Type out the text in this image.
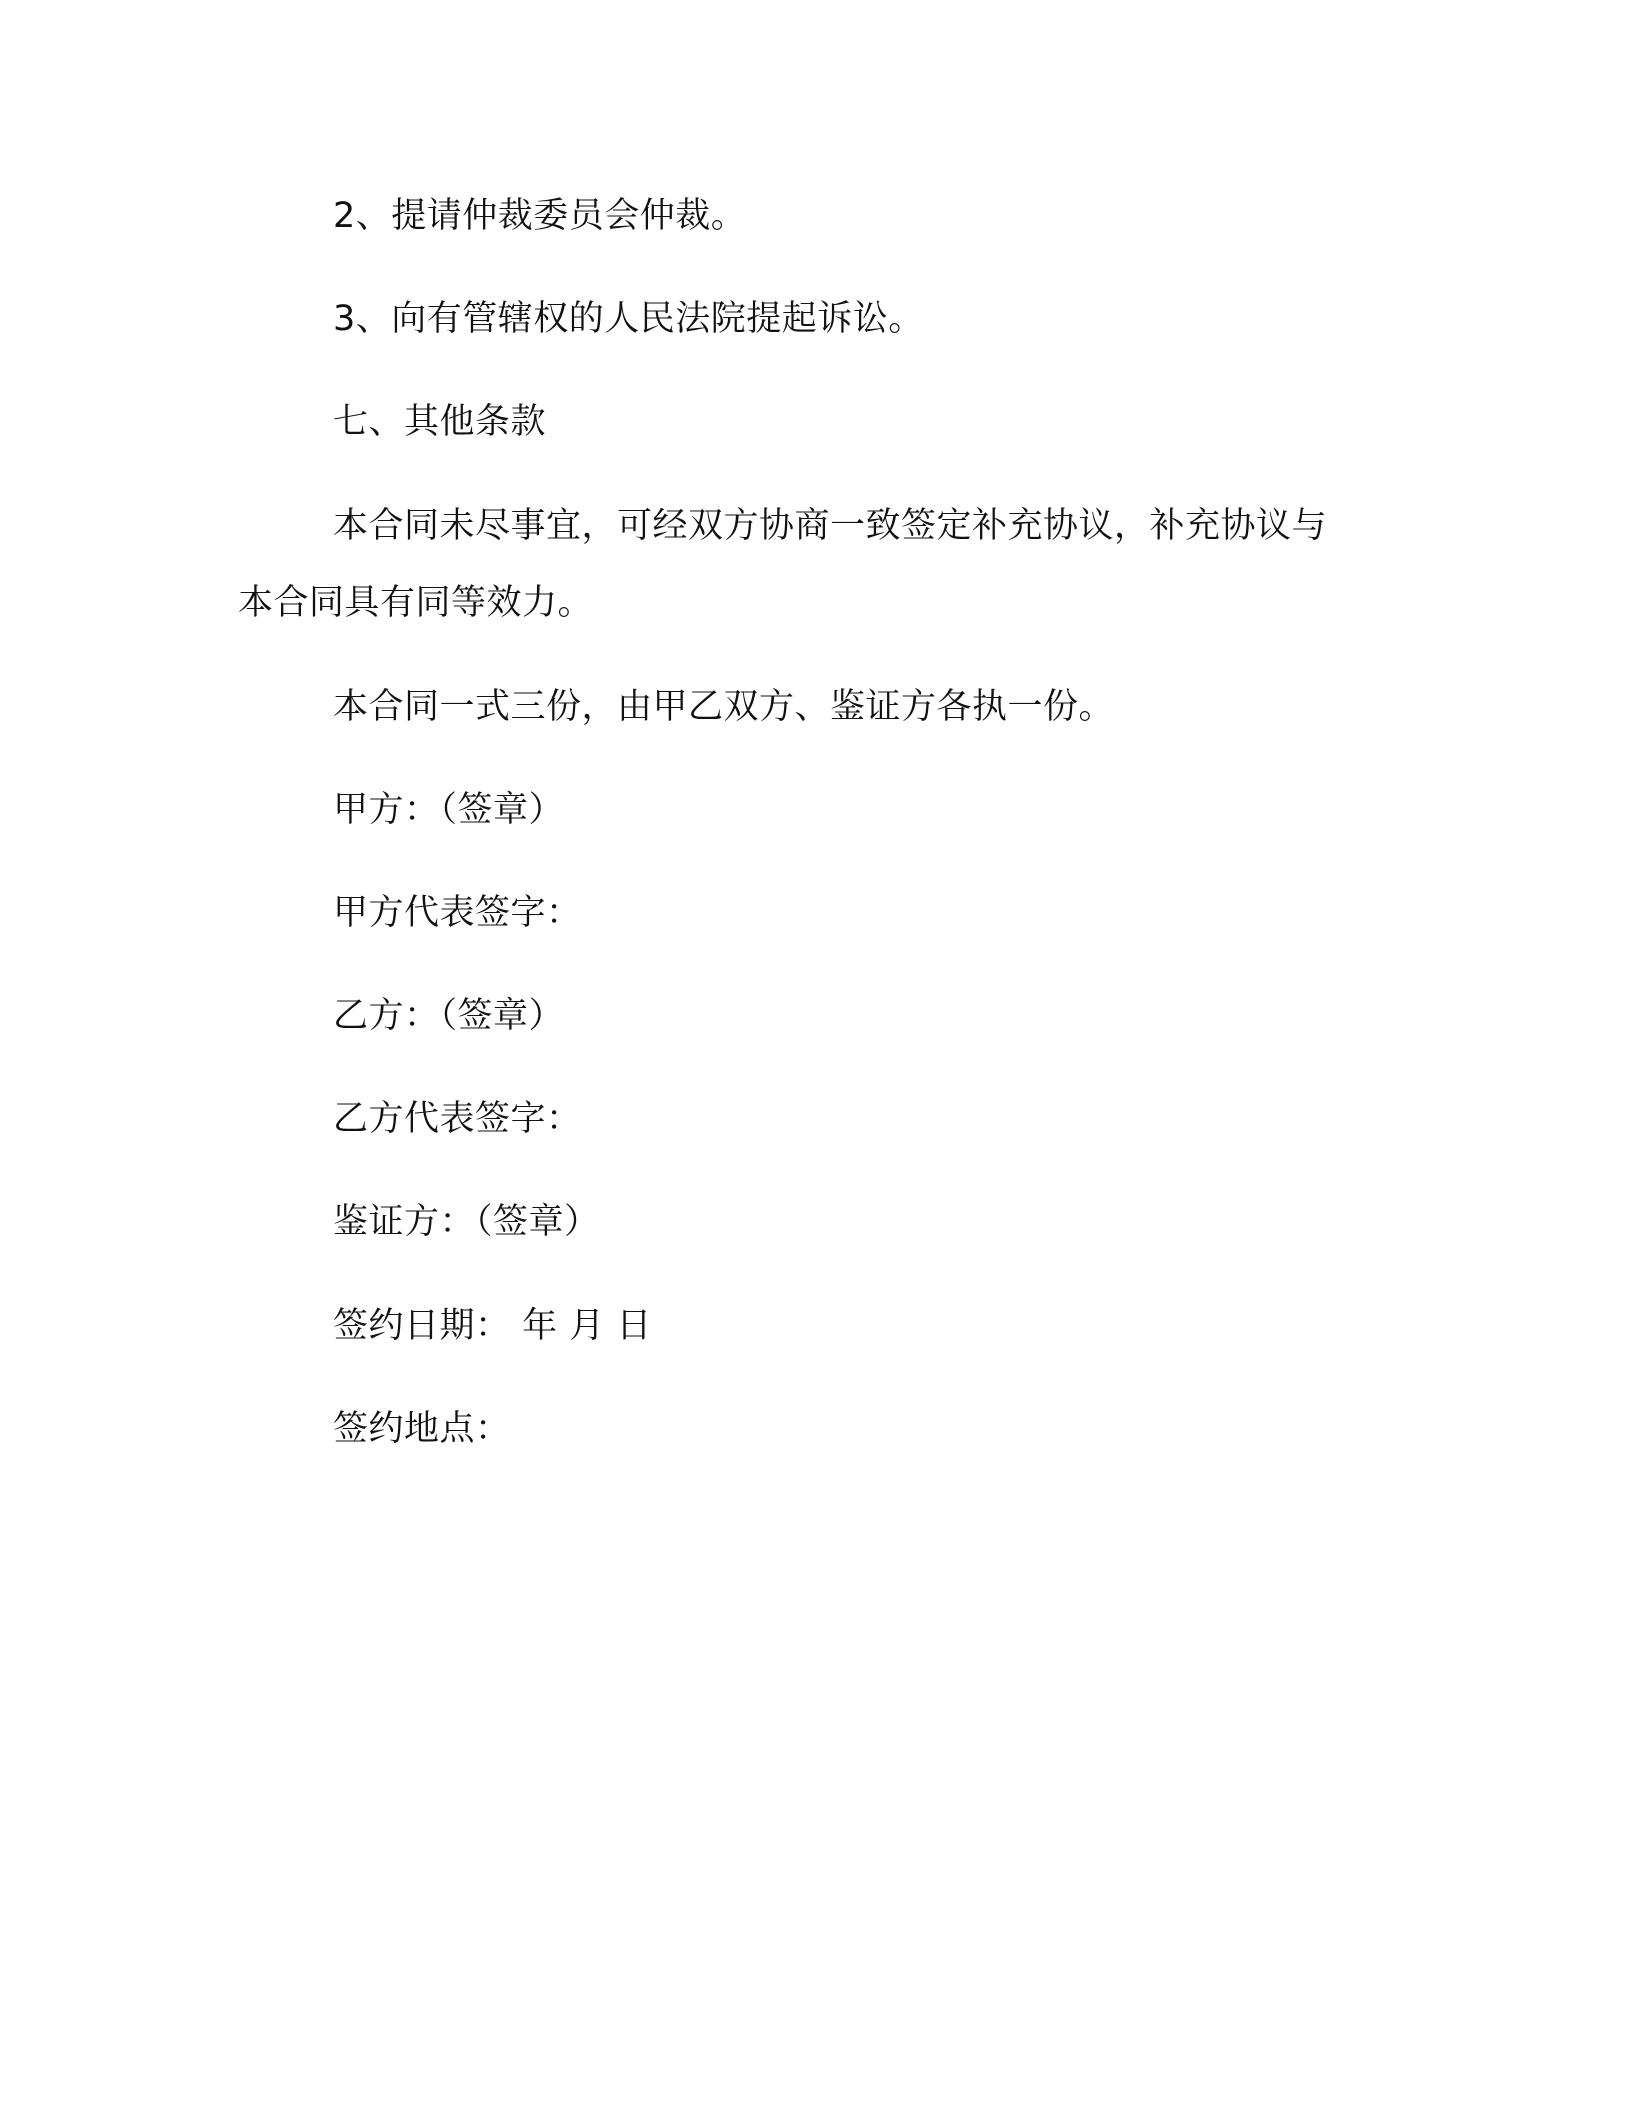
2、提请仲裁委员会仲裁。
3、向有管辖权的人民法院提起诉讼。
七、其他条款
本合同未尽事宜，可经双方协商一致签定补充协议，补充协议与
本合同具有同等效力。
本合同一式三份，由甲乙双方、鉴证方各执一份。
甲方：（签章）
甲方代表签字：
乙方：（签章）
乙方代表签字：
鉴证方：（签章）
签约日期： 年 月 日
签约地点：
